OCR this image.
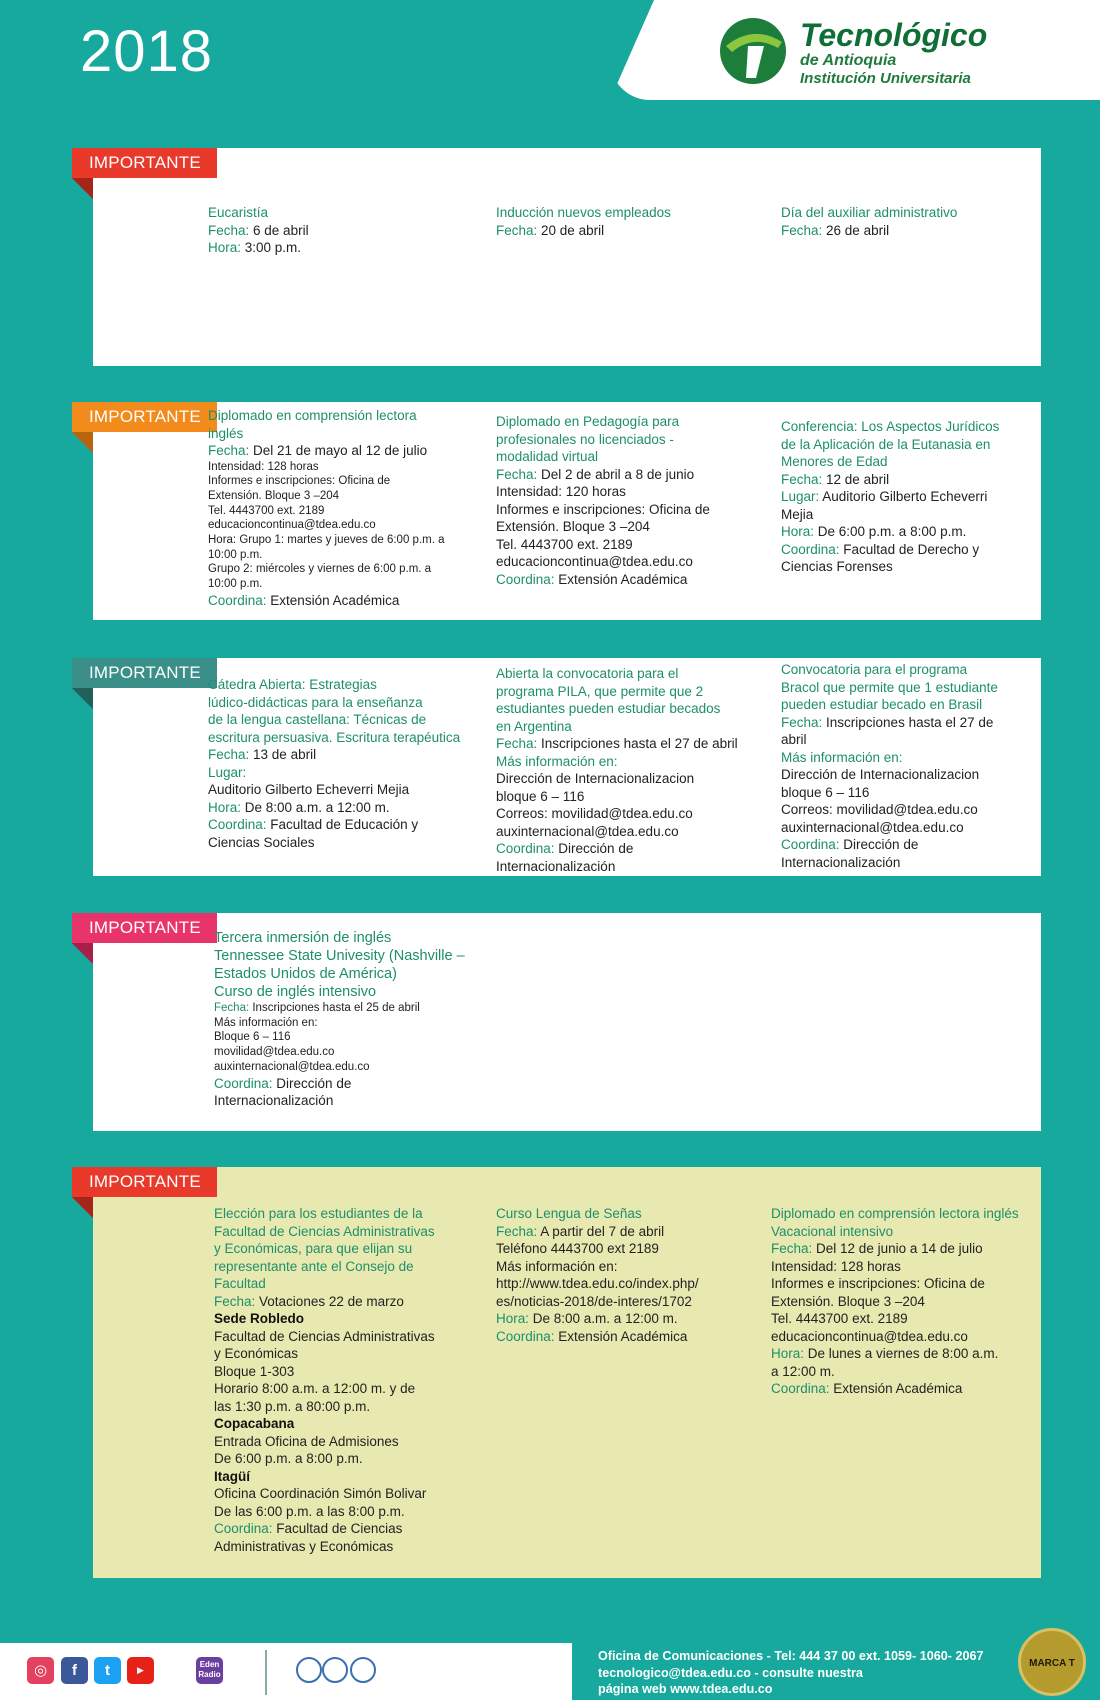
2018	Tecnológico
de Antioquia
Institución Universitaria
IMPORTANTE
IMPORTANTE
IMPORTANTE
IMPORTANTE
IMPORTANTE
Eucaristía
Fecha: 6 de abril
Hora: 3:00 p.m.
Inducción nuevos empleados
Fecha: 20 de abril
Día del auxiliar administrativo
Fecha: 26 de abril
Diplomado en comprensión lectora
inglés
Fecha: Del 21 de mayo al 12 de julio
Intensidad: 128 horas
Informes e inscripciones: Oficina de
Extensión. Bloque 3 –204
Tel. 4443700 ext. 2189
educacioncontinua@tdea.edu.co
Hora: Grupo 1: martes y jueves de 6:00 p.m. a
10:00 p.m.
Grupo 2: miércoles y viernes de 6:00 p.m. a
10:00 p.m.
Coordina: Extensión Académica
Diplomado en Pedagogía para
profesionales no licenciados -
modalidad virtual
Fecha: Del 2 de abril a 8 de junio
Intensidad: 120 horas
Informes e inscripciones: Oficina de
Extensión. Bloque 3 –204
Tel. 4443700 ext. 2189
educacioncontinua@tdea.edu.co
Coordina: Extensión Académica
Conferencia: Los Aspectos Jurídicos
de la Aplicación de la Eutanasia en
Menores de Edad
Fecha: 12 de abril
Lugar: Auditorio Gilberto Echeverri
Mejia
Hora: De 6:00 p.m. a 8:00 p.m.
Coordina: Facultad de Derecho y
Ciencias Forenses
Cátedra Abierta: Estrategias
lúdico-didácticas para la enseñanza
de la lengua castellana: Técnicas de
escritura persuasiva. Escritura terapéutica
Fecha: 13 de abril
Lugar:
Auditorio Gilberto Echeverri Mejia
Hora: De 8:00 a.m. a 12:00 m.
Coordina: Facultad de Educación y
Ciencias Sociales
Abierta la convocatoria para el
programa PILA, que permite que 2
estudiantes pueden estudiar becados
en Argentina
Fecha: Inscripciones hasta el 27 de abril
Más información en:
Dirección de Internacionalizacion
bloque 6 – 116
Correos: movilidad@tdea.edu.co
auxinternacional@tdea.edu.co
Coordina: Dirección de
Internacionalización
Convocatoria para el programa
Bracol que permite que 1 estudiante
pueden estudiar becado en Brasil
Fecha: Inscripciones hasta el 27 de
abril
Más información en:
Dirección de Internacionalizacion
bloque 6 – 116
Correos: movilidad@tdea.edu.co
auxinternacional@tdea.edu.co
Coordina: Dirección de
Internacionalización
Tercera inmersión de inglés
Tennessee State Univesity (Nashville –
Estados Unidos de América)
Curso de inglés intensivo
Fecha: Inscripciones hasta el 25 de abril
Más información en:
Bloque 6 – 116
movilidad@tdea.edu.co
auxinternacional@tdea.edu.co
Coordina: Dirección de
Internacionalización
Elección para los estudiantes de la
Facultad de Ciencias Administrativas
y Económicas, para que elijan su
representante ante el Consejo de
Facultad
Fecha: Votaciones 22 de marzo
Sede Robledo
Facultad de Ciencias Administrativas
y Económicas
Bloque 1-303
Horario 8:00 a.m. a 12:00 m. y de
las 1:30 p.m. a 80:00 p.m.
Copacabana
Entrada Oficina de Admisiones
De 6:00 p.m. a 8:00 p.m.
Itagüí
Oficina Coordinación Simón Bolivar
De las 6:00 p.m. a las 8:00 p.m.
Coordina: Facultad de Ciencias
Administrativas y Económicas
Curso Lengua de Señas
Fecha: A partir del 7 de abril
Teléfono 4443700 ext 2189
Más información en:
http://www.tdea.edu.co/index.php/
es/noticias-2018/de-interes/1702
Hora: De 8:00 a.m. a 12:00 m.
Coordina: Extensión Académica
Diplomado en comprensión lectora inglés
Vacacional intensivo
Fecha: Del 12 de junio a 14 de julio
Intensidad: 128 horas
Informes e inscripciones: Oficina de
Extensión. Bloque 3 –204
Tel. 4443700 ext. 2189
educacioncontinua@tdea.edu.co
Hora: De lunes a viernes de 8:00 a.m.
a 12:00 m.
Coordina: Extensión Académica
◎	f	t	▶
Eden Radio
Oficina de Comunicaciones - Tel: 444 37 00 ext. 1059- 1060- 2067
tecnologico@tdea.edu.co - consulte nuestra
página web www.tdea.edu.co
MARCA T
